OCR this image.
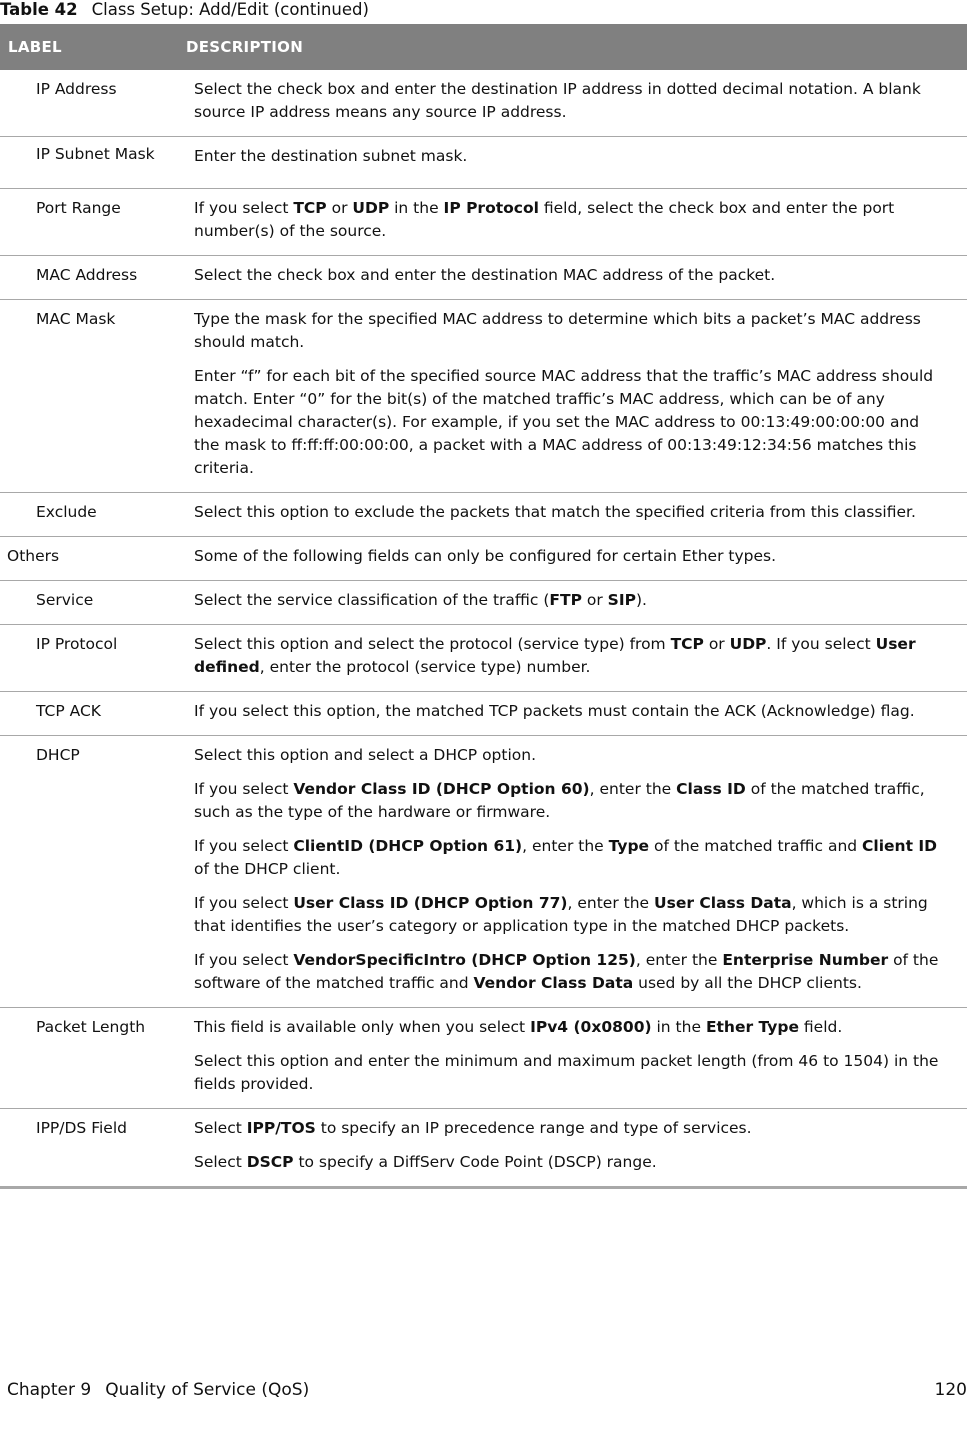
Table 42 Class Setup: Add/Edit (continued)
LABEL DESCRIPTION	

IP Address	Select the check box and enter the destination IP address in dotted decimal notation. A blank source IP address means any source IP address.

IP Subnet Mask	Enter the destination subnet mask.

Port Range	If you select TCP or UDP in the IP Protocol field, select the check box and enter the port number(s) of the source.

MAC Address	Select the check box and enter the destination MAC address of the packet.

MAC Mask	Type the mask for the specified MAC address to determine which bits a packet’s MAC address should match.

Enter “f” for each bit of the specified source MAC address that the traffic’s MAC address should match. Enter “0” for the bit(s) of the matched traffic’s MAC address, which can be of any hexadecimal character(s). For example, if you set the MAC address to 00:13:49:00:00:00 and the mask to ff:ff:ff:00:00:00, a packet with a MAC address of 00:13:49:12:34:56 matches this criteria.

Exclude	Select this option to exclude the packets that match the specified criteria from this classifier.

Others	Some of the following fields can only be configured for certain Ether types.

Service	Select the service classification of the traffic (FTP or SIP).

IP Protocol	Select this option and select the protocol (service type) from TCP or UDP. If you select User defined, enter the protocol (service type) number.

TCP ACK	If you select this option, the matched TCP packets must contain the ACK (Acknowledge) flag.

DHCP	Select this option and select a DHCP option.

If you select Vendor Class ID (DHCP Option 60), enter the Class ID of the matched traffic, such as the type of the hardware or firmware.

If you select ClientID (DHCP Option 61), enter the Type of the matched traffic and Client ID of the DHCP client.

If you select User Class ID (DHCP Option 77), enter the User Class Data, which is a string that identifies the user’s category or application type in the matched DHCP packets.

If you select VendorSpecificIntro (DHCP Option 125), enter the Enterprise Number of the software of the matched traffic and Vendor Class Data used by all the DHCP clients.

Packet Length	This field is available only when you select IPv4 (0x0800) in the Ether Type field.

Select this option and enter the minimum and maximum packet length (from 46 to 1504) in the fields provided.

IPP/DS Field	Select IPP/TOS to specify an IP precedence range and type of services.

Select DSCP to specify a DiffServ Code Point (DSCP) range.

Chapter 9 Quality of Service (QoS)	120
